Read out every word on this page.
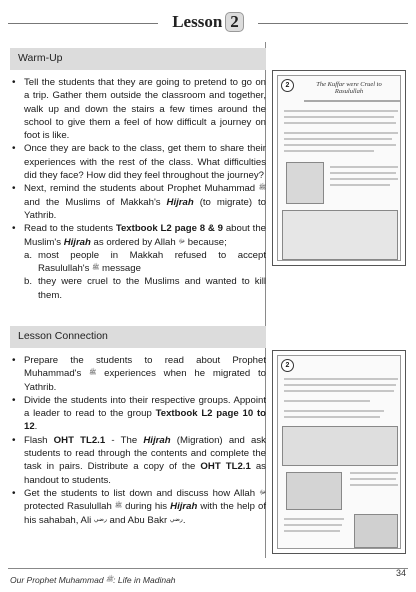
Lesson 2
Warm-Up
• Tell the students that they are going to pretend to go on a trip. Gather them outside the classroom and together, walk up and down the stairs a few times around the school to give them a feel of how difficult a journey on foot is like.
• Once they are back to the class, get them to share their experiences with the rest of the class. What difficulties did they face? How did they feel throughout the journey?
• Next, remind the students about Prophet Muhammad $^ﷺ$ and the Muslims of Makkah's Hijrah (to migrate) to Yathrib.
• Read to the students Textbook L2 page 8 & 9 about the Muslim's Hijrah as ordered by Allah $^ﷻ$ because;
a. most people in Makkah refused to accept Rasulullah's $^ﷺ$ message
b. they were cruel to the Muslims and wanted to kill them.
Lesson Connection
• Prepare the students to read about Prophet Muhammad's $^ﷺ$ experiences when he migrated to Yathrib.
• Divide the students into their respective groups. Appoint a leader to read to the group Textbook L2 page 10 to 12.
• Flash OHT TL2.1 - The Hijrah (Migration) and ask students to read through the contents and complete the task in pairs. Distribute a copy of the OHT TL2.1 as handout to students.
• Get the students to list down and discuss how Allah $^ﷻ$ protected Rasulullah $^ﷺ$ during his Hijrah with the help of his sahabah, Ali $^{رضي}$ and Abu Bakr $^{رضي}$.
2	The Kuffar were Cruel to Rasulullah
2
Our Prophet Muhammad $^ﷺ$: Life in Madinah
34
